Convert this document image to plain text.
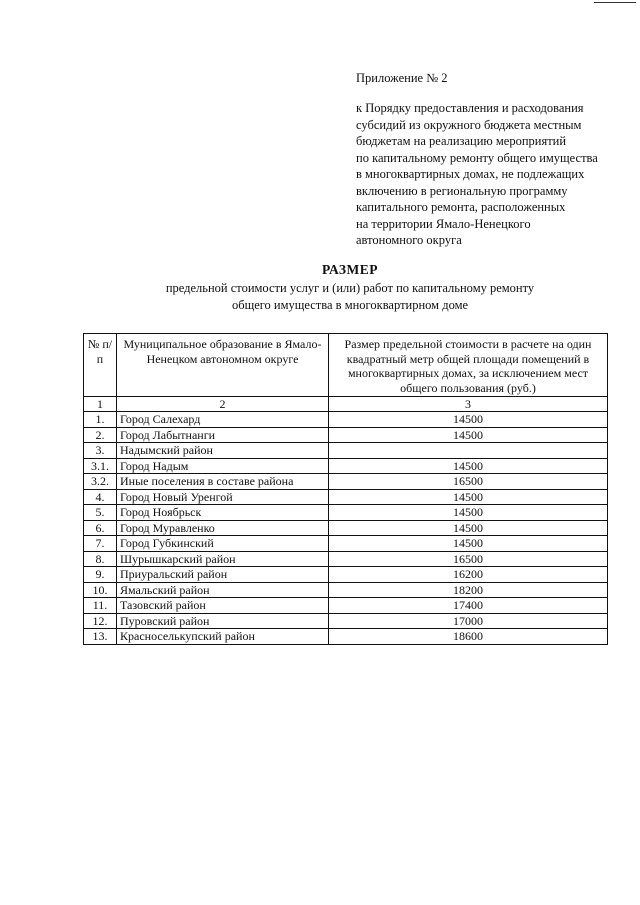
Приложение № 2
к Порядку предоставления и расходования
субсидий из окружного бюджета местным
бюджетам на реализацию мероприятий
по капитальному ремонту общего имущества
в многоквартирных домах, не подлежащих
включению в региональную программу
капитального ремонта, расположенных
на территории Ямало-Ненецкого
автономного округа
РАЗМЕР
предельной стоимости услуг и (или) работ по капитальному ремонту
общего имущества в многоквартирном доме
№ п/п	Муниципальное образование в Ямало-Ненецком автономном округе	Размер предельной стоимости в расчете на один квадратный метр общей площади помещений в многоквартирных домах, за исключением мест общего пользования (руб.)
1	2	3
1.	Город Салехард	14500
2.	Город Лабытнанги	14500
3.	Надымский район	
3.1.	Город Надым	14500
3.2.	Иные поселения в составе района	16500
4.	Город Новый Уренгой	14500
5.	Город Ноябрьск	14500
6.	Город Муравленко	14500
7.	Город Губкинский	14500
8.	Шурышкарский район	16500
9.	Приуральский район	16200
10.	Ямальский район	18200
11.	Тазовский район	17400
12.	Пуровский район	17000
13.	Красноселькупский район	18600
